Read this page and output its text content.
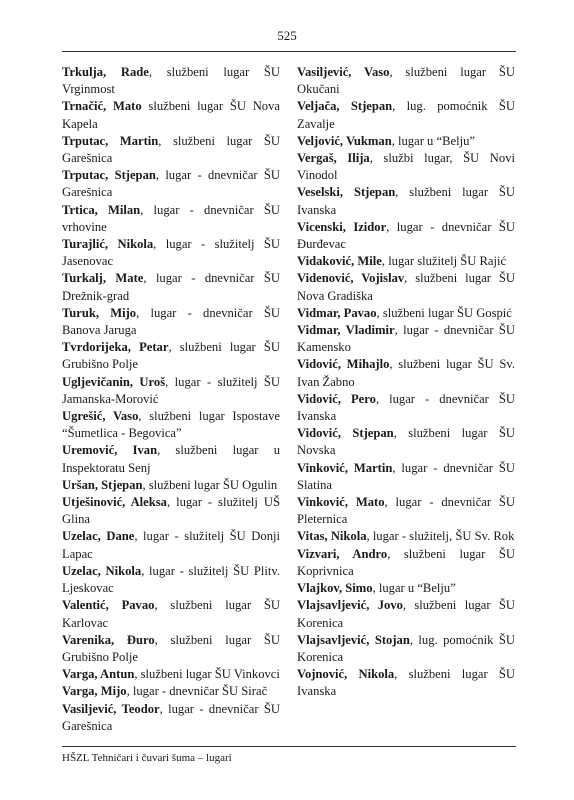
525
Trkulja, Rade, službeni lugar ŠU Vrginmost
Trnačić, Mato službeni lugar ŠU Nova Kapela
Trputac, Martin, službeni lugar ŠU Garešnica
Trputac, Stjepan, lugar - dnevničar ŠU Garešnica
Trtica, Milan, lugar - dnevničar ŠU vrhovine
Turajlić, Nikola, lugar - služitelj ŠU Jasenovac
Turkalj, Mate, lugar - dnevničar ŠU Drežnik-grad
Turuk, Mijo, lugar - dnevničar ŠU Banova Jaruga
Tvrdorijeka, Petar, službeni lugar ŠU Grubišno Polje
Ugljevičanin, Uroš, lugar - služitelj ŠU Jamanska-Morović
Ugrešić, Vaso, službeni lugar Ispostave “Šumetlica - Begovica”
Uremović, Ivan, službeni lugar u Inspektoratu Senj
Uršan, Stjepan, službeni lugar ŠU Ogulin
Utješinović, Aleksa, lugar - služitelj UŠ Glina
Uzelac, Dane, lugar - služitelj ŠU Donji Lapac
Uzelac, Nikola, lugar - služitelj ŠU Plitv. Ljeskovac
Valentić, Pavao, službeni lugar ŠU Karlovac
Varenika, Đuro, službeni lugar ŠU Grubišno Polje
Varga, Antun, službeni lugar ŠU Vinkovci
Varga, Mijo, lugar - dnevničar ŠU Sirač
Vasiljević, Teodor, lugar - dnevničar ŠU Garešnica
Vasiljević, Vaso, službeni lugar ŠU Okučani
Veljača, Stjepan, lug. pomoćnik ŠU Zavalje
Veljović, Vukman, lugar u “Belju”
Vergaš, Ilija, službi lugar, ŠU Novi Vinodol
Veselski, Stjepan, službeni lugar ŠU Ivanska
Vicenski, Izidor, lugar - dnevničar ŠU Đurđevac
Vidaković, Mile, lugar služitelj ŠU Rajić
Videnović, Vojislav, službeni lugar ŠU Nova Gradiška
Vidmar, Pavao, službeni lugar ŠU Gospić
Vidmar, Vladimir, lugar - dnevničar ŠU Kamensko
Vidović, Mihajlo, službeni lugar ŠU Sv. Ivan Žabno
Vidović, Pero, lugar - dnevničar ŠU Ivanska
Vidović, Stjepan, službeni lugar ŠU Novska
Vinković, Martin, lugar - dnevničar ŠU Slatina
Vinković, Mato, lugar - dnevničar ŠU Pleternica
Vitas, Nikola, lugar - služitelj, ŠU Sv. Rok
Vizvari, Andro, službeni lugar ŠU Koprivnica
Vlajkov, Simo, lugar u “Belju”
Vlajsavljević, Jovo, službeni lugar ŠU Korenica
Vlajsavljević, Stojan, lug. pomoćnik ŠU Korenica
Vojnović, Nikola, službeni lugar ŠU Ivanska
HŠZL Tehničari i čuvari šuma – lugari
